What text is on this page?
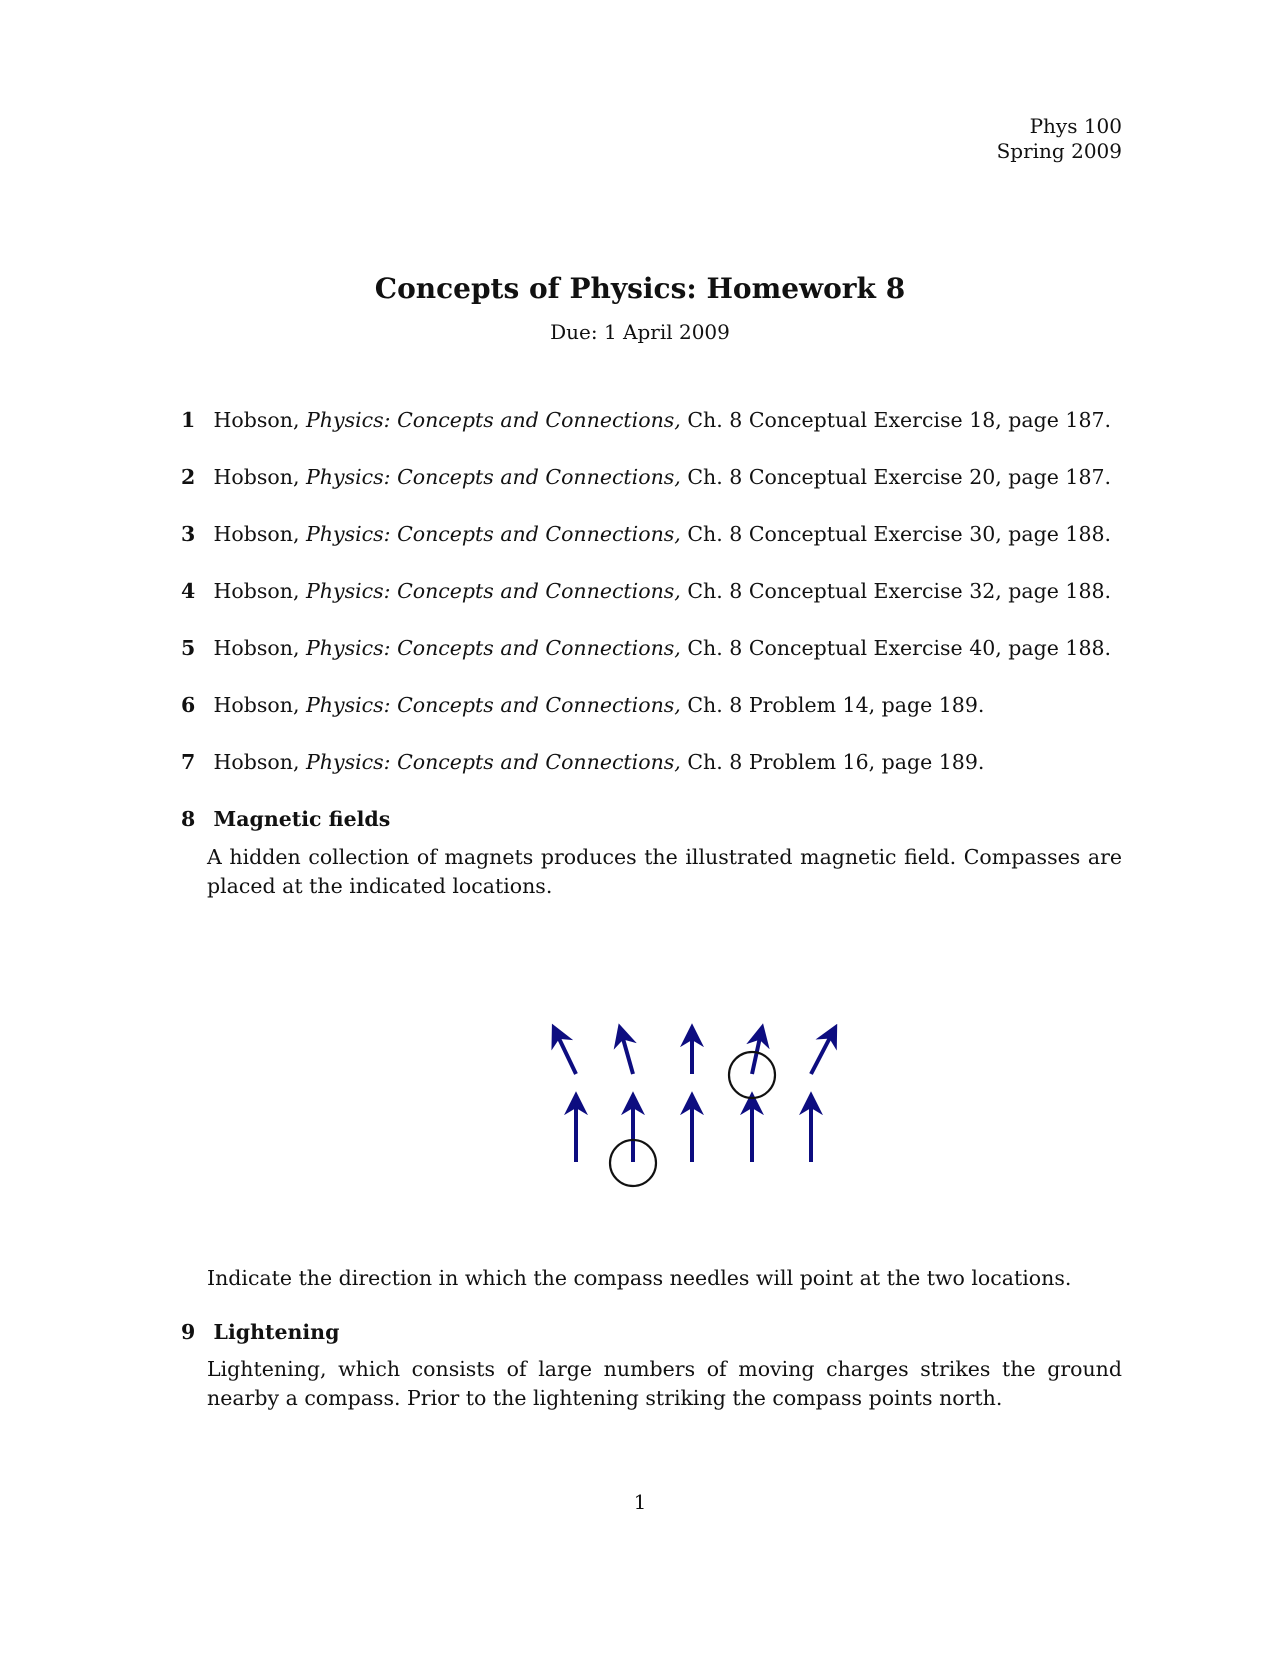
Phys 100
Spring 2009
Concepts of Physics: Homework 8
Due: 1 April 2009
1 Hobson, Physics: Concepts and Connections, Ch. 8 Conceptual Exercise 18, page 187.
2 Hobson, Physics: Concepts and Connections, Ch. 8 Conceptual Exercise 20, page 187.
3 Hobson, Physics: Concepts and Connections, Ch. 8 Conceptual Exercise 30, page 188.
4 Hobson, Physics: Concepts and Connections, Ch. 8 Conceptual Exercise 32, page 188.
5 Hobson, Physics: Concepts and Connections, Ch. 8 Conceptual Exercise 40, page 188.
6 Hobson, Physics: Concepts and Connections, Ch. 8 Problem 14, page 189.
7 Hobson, Physics: Concepts and Connections, Ch. 8 Problem 16, page 189.
8 Magnetic fields
A hidden collection of magnets produces the illustrated magnetic field. Compasses are placed at the indicated locations.
Indicate the direction in which the compass needles will point at the two locations.
9 Lightening
Lightening, which consists of large numbers of moving charges strikes the ground nearby a compass. Prior to the lightening striking the compass points north.
1
